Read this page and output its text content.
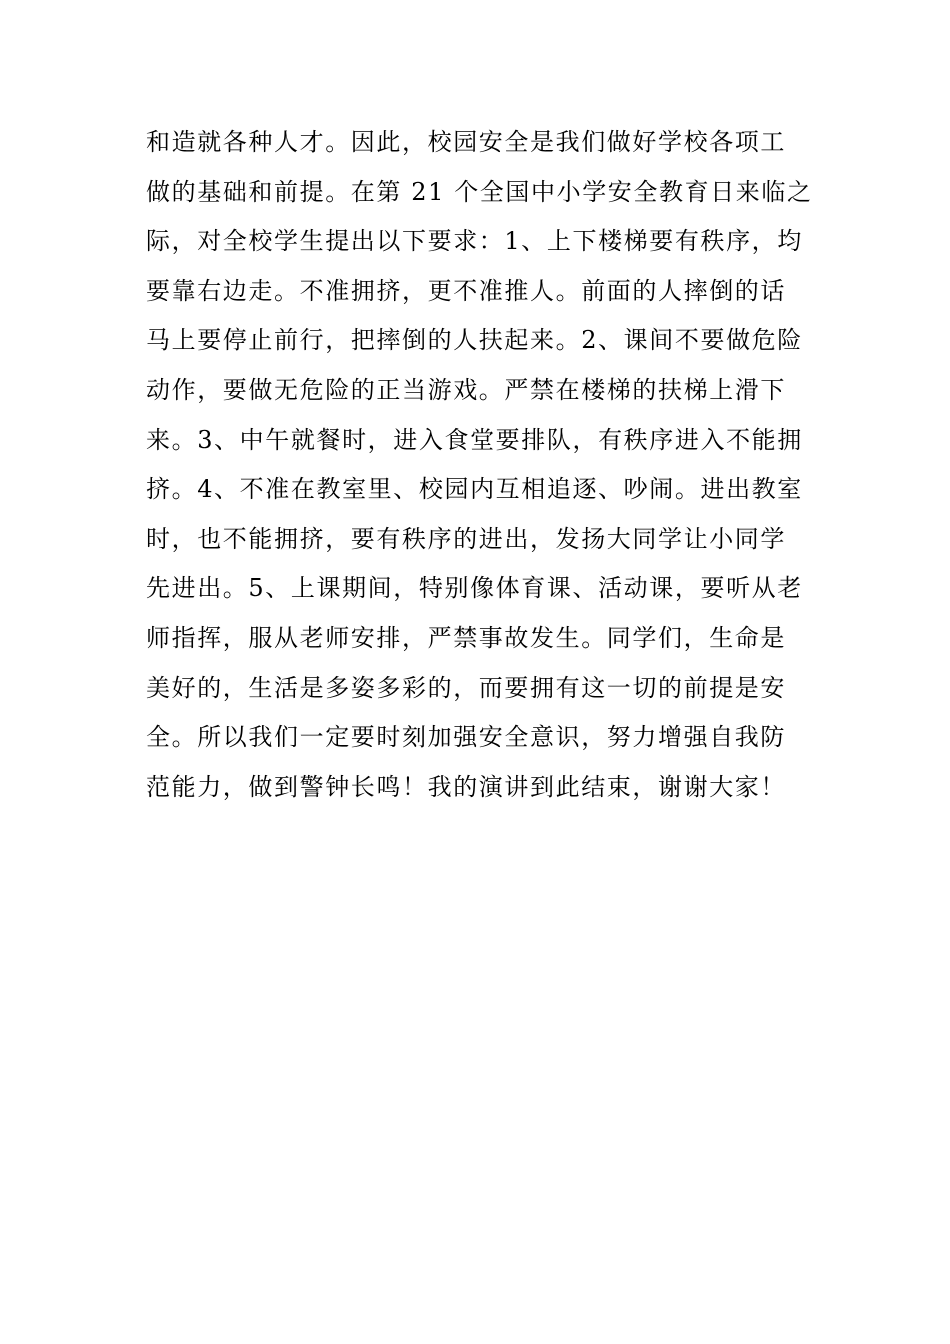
和造就各种人才。因此，校园安全是我们做好学校各项工
做的基础和前提。在第 21 个全国中小学安全教育日来临之
际，对全校学生提出以下要求：1、上下楼梯要有秩序，均
要靠右边走。不准拥挤，更不准推人。前面的人摔倒的话
马上要停止前行，把摔倒的人扶起来。2、课间不要做危险
动作，要做无危险的正当游戏。严禁在楼梯的扶梯上滑下
来。3、中午就餐时，进入食堂要排队，有秩序进入不能拥
挤。4、不准在教室里、校园内互相追逐、吵闹。进出教室
时，也不能拥挤，要有秩序的进出，发扬大同学让小同学
先进出。5、上课期间，特别像体育课、活动课，要听从老
师指挥，服从老师安排，严禁事故发生。同学们，生命是
美好的，生活是多姿多彩的，而要拥有这一切的前提是安
全。所以我们一定要时刻加强安全意识，努力增强自我防
范能力，做到警钟长鸣！我的演讲到此结束，谢谢大家！
